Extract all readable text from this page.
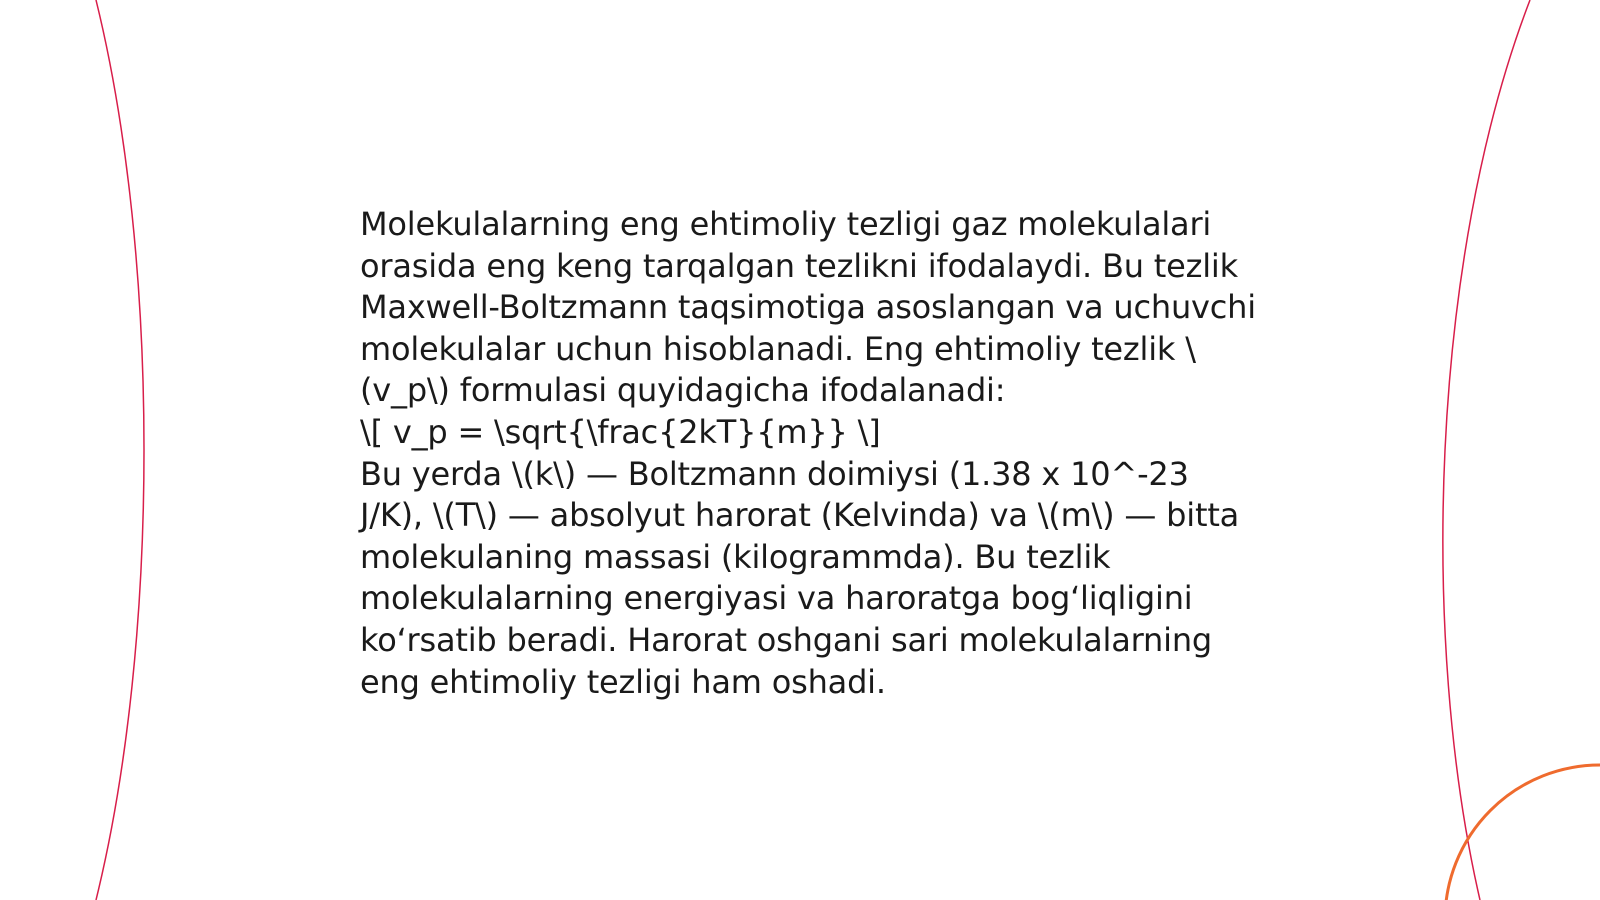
Molekulalarning eng ehtimoliy tezligi gaz molekulalari orasida eng keng tarqalgan tezlikni ifodalaydi. Bu tezlik Maxwell-Boltzmann taqsimotiga asoslangan va uchuvchi molekulalar uchun hisoblanadi. Eng ehtimoliy tezlik \(v_p\) formulasi quyidagicha ifodalanadi:

\[ v_p = \sqrt{\frac{2kT}{m}} \]

Bu yerda \(k\) — Boltzmann doimiysi (1.38 x 10^-23 J/K), \(T\) — absolyut harorat (Kelvinda) va \(m\) — bitta molekulaning massasi (kilogrammda). Bu tezlik molekulalarning energiyasi va haroratga bog‘liqligini ko‘rsatib beradi. Harorat oshgani sari molekulalarning eng ehtimoliy tezligi ham oshadi.
